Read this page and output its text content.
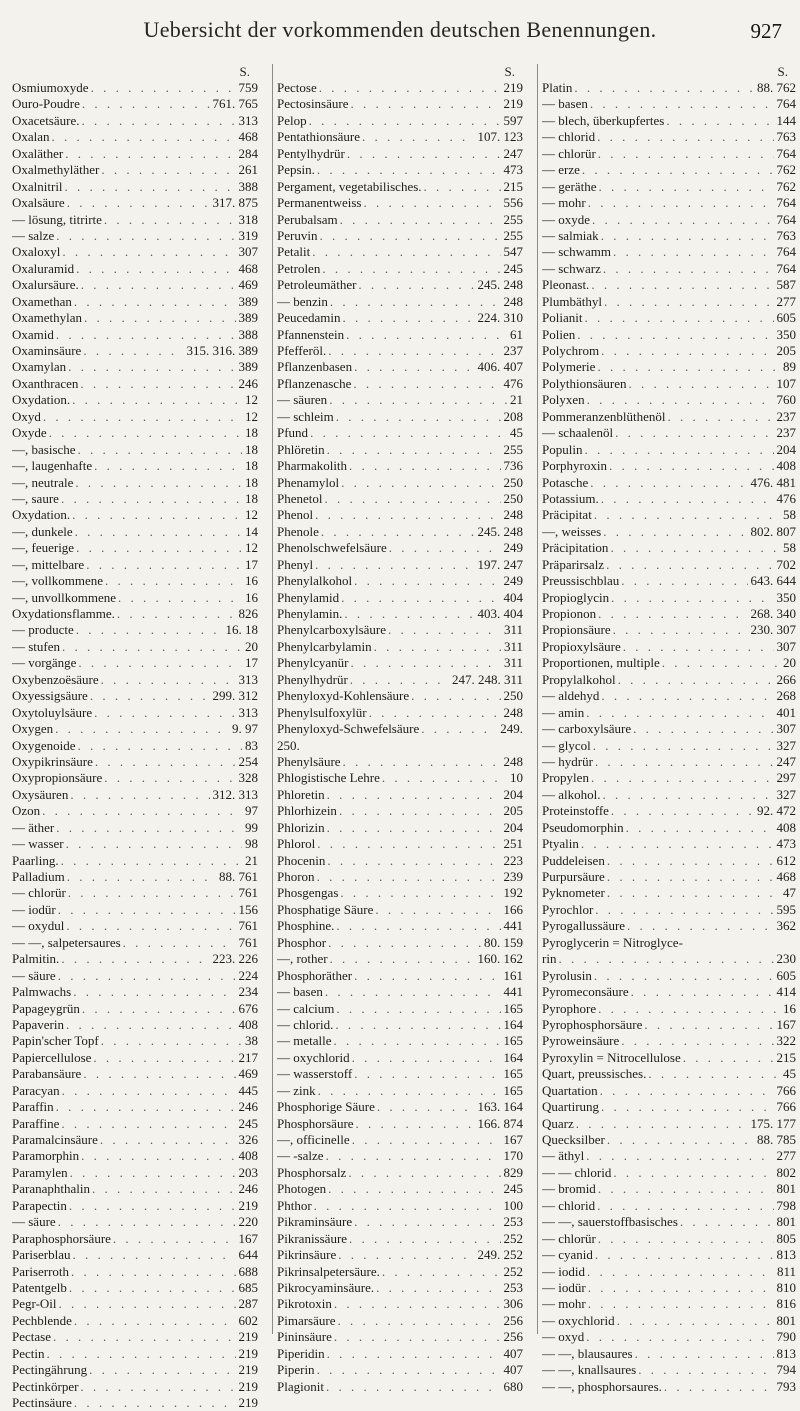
Uebersicht der vorkommenden deutschen Benennungen.	927
S.
Osmiumoxyde . . .	759
Ouro-Poudre . . .	761. 765
Oxacetsäure. . . .	313
Oxalan . . .	468
Oxaläther . . .	284
Oxalmethyläther . . .	261
Oxalnitril . . .	388
Oxalsäure . . .	317. 875
— lösung, titrirte . . .	318
— salze . . .	319
Oxaloxyl . . .	307
Oxaluramid . . .	468
Oxalursäure. . . .	469
Oxamethan . . .	389
Oxamethylan . . .	389
Oxamid . . .	388
Oxaminsäure . . .	315. 316. 389
Oxamylan . . .	389
Oxanthracen . . .	246
Oxydation. . . .	12
Oxyd . . .	12
Oxyde . . .	18
—, basische . . .	18
—, laugenhafte . . .	18
—, neutrale . . .	18
—, saure . . .	18
Oxydation. . . .	12
—, dunkele . . .	14
—, feuerige . . .	12
—, mittelbare . . .	17
—, vollkommene . . .	16
—, unvollkommene . . .	16
Oxydationsflamme. . . .	826
— producte . . .	16. 18
— stufen . . .	20
— vorgänge . . .	17
Oxybenzoësäure . . .	313
Oxyessigsäure . . .	299. 312
Oxytoluylsäure . . .	313
Oxygen . . .	9. 97
Oxygenoide . . .	83
Oxypikrinsäure . . .	254
Oxypropionsäure . . .	328
Oxysäuren . . .	312. 313
Ozon . . .	97
— äther . . .	99
— wasser . . .	98
Paarling. . . .	21
Palladium . . .	88. 761
— chlorür . . .	761
— iodür . . .	156
— oxydul . . .	761
— —, salpetersaures . . .	761
Palmitin. . . .	223. 226
— säure . . .	224
Palmwachs . . .	234
Papageygrün . . .	676
Papaverin . . .	408
Papin'scher Topf . . .	38
Papiercellulose . . .	217
Parabansäure . . .	469
Paracyan . . .	445
Paraffin . . .	246
Paraffine . . .	245
Paramalcinsäure . . .	326
Paramorphin . . .	408
Paramylen . . .	203
Paranaphthalin . . .	246
Parapectin . . .	219
— säure . . .	220
Paraphosphorsäure . . .	167
Pariserblau . . .	644
Pariserroth . . .	688
Patentgelb . . .	685
Pegr-Oil . . .	287
Pechblende . . .	602
Pectase . . .	219
Pectin . . .	219
Pectingährung . . .	219
Pectinkörper . . .	219
Pectinsäure . . .	219
S.
Pectose . . .	219
Pectosinsäure . . .	219
Pelop . . .	597
Pentathionsäure . . .	107. 123
Pentylhydrür . . .	247
Pepsin. . . .	473
Pergament, vegetabilisches. . . .	215
Permanentweiss . . .	556
Perubalsam . . .	255
Peruvin . . .	255
Petalit . . .	547
Petrolen . . .	245
Petroleumäther . . .	245. 248
— benzin . . .	248
Peucedamin . . .	224. 310
Pfannenstein . . .	61
Pfefferöl. . . .	237
Pflanzenbasen . . .	406. 407
Pflanzenasche . . .	476
— säuren . . .	21
— schleim . . .	208
Pfund . . .	45
Phlöretin . . .	255
Pharmakolith . . .	736
Phenamylol . . .	250
Phenetol . . .	250
Phenol . . .	248
Phenole . . .	245. 248
Phenolschwefelsäure . . .	249
Phenyl . . .	197. 247
Phenylalkohol . . .	249
Phenylamid . . .	404
Phenylamin. . . .	403. 404
Phenylcarboxylsäure . . .	311
Phenylcarbylamin . . .	311
Phenylcyanür . . .	311
Phenylhydrür . . .	247. 248. 311
Phenyloxyd-Kohlensäure . . .	250
Phenylsulfoxylür . . .	248
Phenyloxyd-Schwefelsäure . . .	249.
250.
Phenylsäure . . .	248
Phlogistische Lehre . . .	10
Phloretin . . .	204
Phlorhizein . . .	205
Phlorizin . . .	204
Phlorol . . .	251
Phocenin . . .	223
Phoron . . .	239
Phosgengas . . .	192
Phosphatige Säure . . .	166
Phosphine. . . .	441
Phosphor . . .	80. 159
—, rother . . .	160. 162
Phosphoräther . . .	161
— basen . . .	441
— calcium . . .	165
— chlorid. . . .	164
— metalle . . .	165
— oxychlorid . . .	164
— wasserstoff . . .	165
— zink . . .	165
Phosphorige Säure . . .	163. 164
Phosphorsäure . . .	166. 874
—, officinelle . . .	167
— -salze . . .	170
Phosphorsalz . . .	829
Photogen . . .	245
Phthor . . .	100
Pikraminsäure . . .	253
Pikranissäure . . .	252
Pikrinsäure . . .	249. 252
Pikrinsalpetersäure. . . .	252
Pikrocyaminsäure. . . .	253
Pikrotoxin . . .	306
Pimarsäure . . .	256
Pininsäure . . .	256
Piperidin . . .	407
Piperin . . .	407
Plagionit . . .	680
S.
Platin . . .	88. 762
— basen . . .	764
— blech, überkupfertes . . .	144
— chlorid . . .	763
— chlorür . . .	764
— erze . . .	762
— geräthe . . .	762
— mohr . . .	764
— oxyde . . .	764
— salmiak . . .	763
— schwamm . . .	764
— schwarz . . .	764
Pleonast. . . .	587
Plumbäthyl . . .	277
Polianit . . .	605
Polien . . .	350
Polychrom . . .	205
Polymerie . . .	89
Polythionsäuren . . .	107
Polyxen . . .	760
Pommeranzenblüthenöl . . .	237
— schaalenöl . . .	237
Populin . . .	204
Porphyroxin . . .	408
Potasche . . .	476. 481
Potassium. . . .	476
Präcipitat . . .	58
—, weisses . . .	802. 807
Präcipitation . . .	58
Präparirsalz . . .	702
Preussischblau . . .	643. 644
Propioglycin . . .	350
Propionon . . .	268. 340
Propionsäure . . .	230. 307
Propioxylsäure . . .	307
Proportionen, multiple . . .	20
Propylalkohol . . .	266
— aldehyd . . .	268
— amin . . .	401
— carboxylsäure . . .	307
— glycol . . .	327
— hydrür . . .	247
Propylen . . .	297
— alkohol. . . .	327
Proteinstoffe . . .	92. 472
Pseudomorphin . . .	408
Ptyalin . . .	473
Puddeleisen . . .	612
Purpursäure . . .	468
Pyknometer . . .	47
Pyrochlor . . .	595
Pyrogallussäure . . .	362
Pyroglycerin = Nitroglyce-
rin . . .	230
Pyrolusin . . .	605
Pyromeconsäure . . .	414
Pyrophore . . .	16
Pyrophosphorsäure . . .	167
Pyroweinsäure . . .	322
Pyroxylin = Nitrocellulose . . .	215
Quart, preussisches. . . .	45
Quartation . . .	766
Quartirung . . .	766
Quarz . . .	175. 177
Quecksilber . . .	88. 785
— äthyl . . .	277
— — chlorid . . .	802
— bromid . . .	801
— chlorid . . .	798
— —, sauerstoffbasisches . . .	801
— chlorür . . .	805
— cyanid . . .	813
— iodid . . .	811
— iodür . . .	810
— mohr . . .	816
— oxychlorid . . .	801
— oxyd . . .	790
— —, blausaures . . .	813
— —, knallsaures . . .	794
— —, phosphorsaures. . . .	793
